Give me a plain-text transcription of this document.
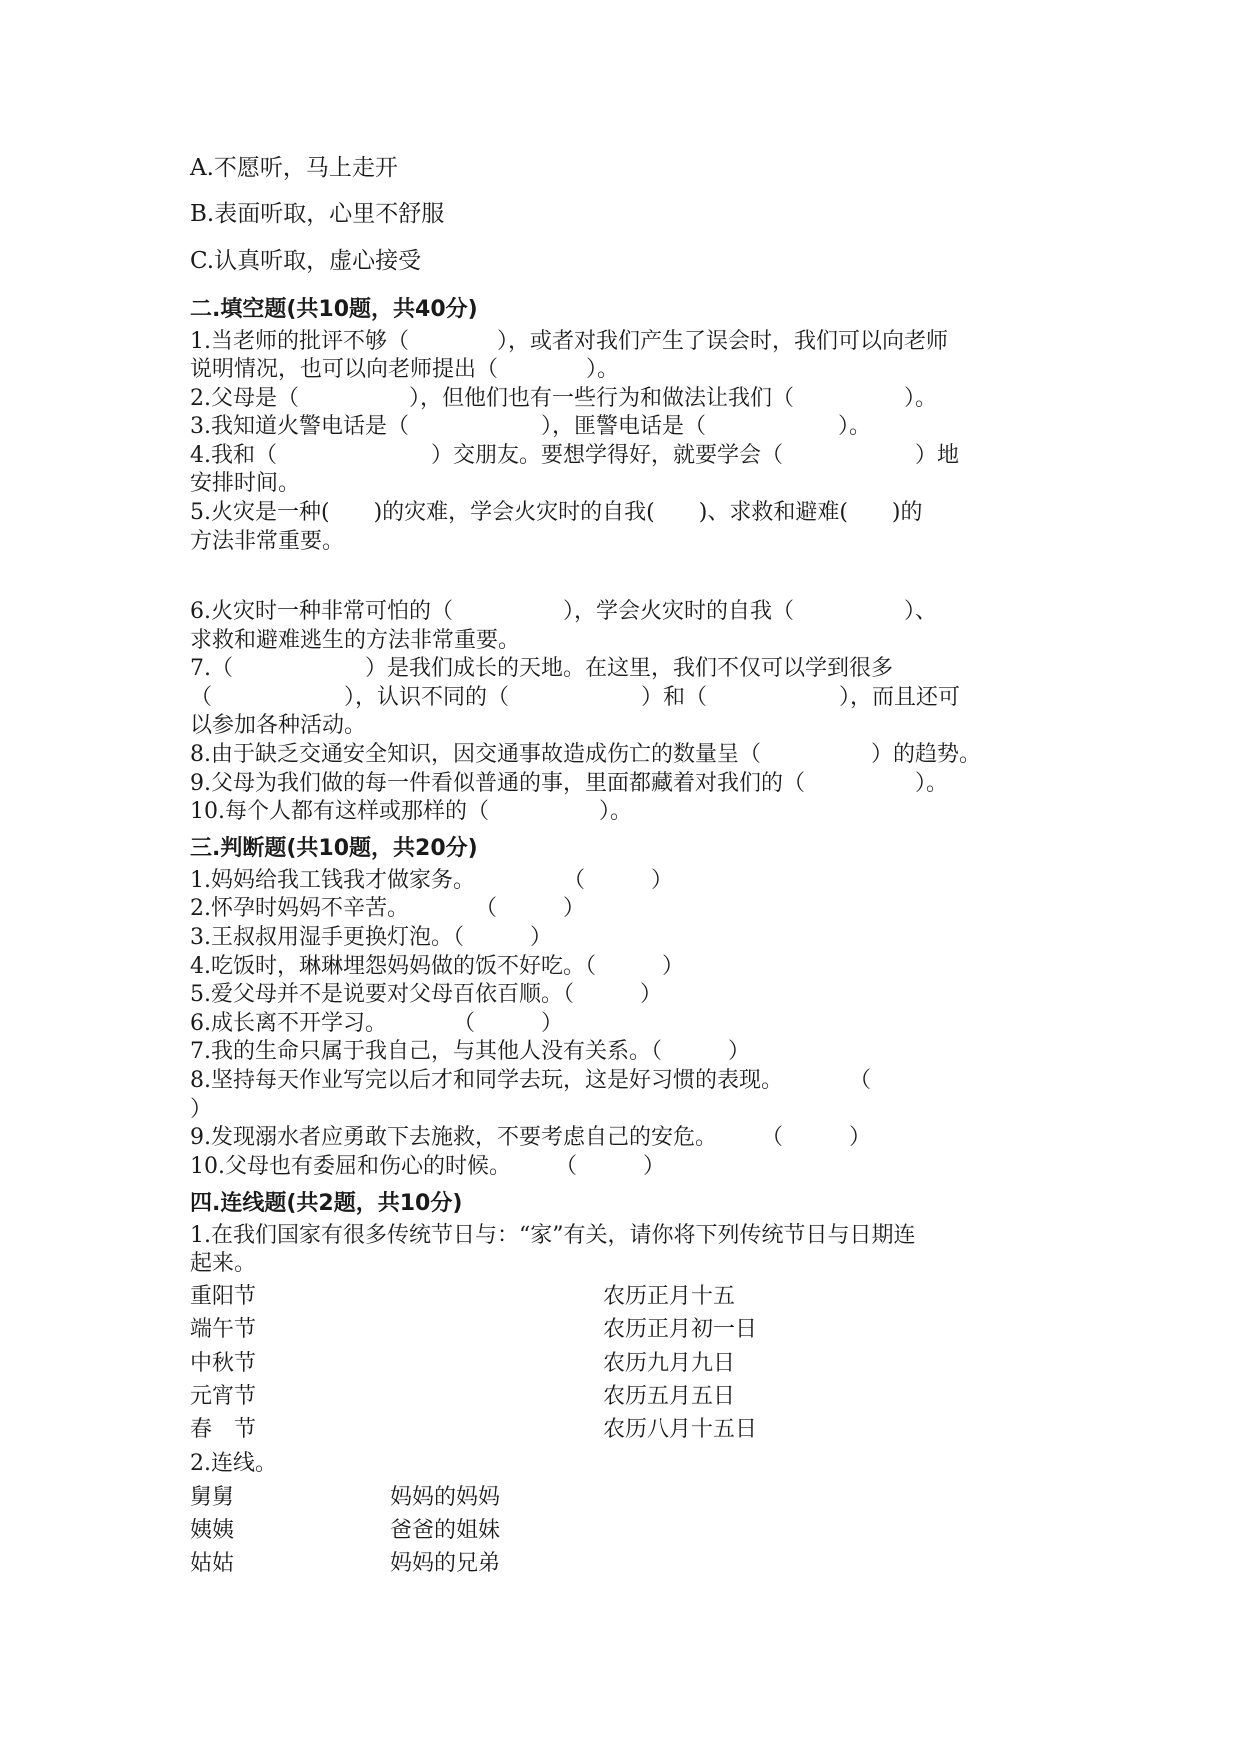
A.不愿听，马上走开
B.表面听取，心里不舒服
C.认真听取，虚心接受
二.填空题(共10题，共40分)
1.当老师的批评不够（　　　　），或者对我们产生了误会时，我们可以向老师
说明情况，也可以向老师提出（　　　　）。
2.父母是（　　　　　），但他们也有一些行为和做法让我们（　　　　　）。
3.我知道火警电话是（　　　　　　），匪警电话是（　　　　　　）。
4.我和（　　　　　　　）交朋友。要想学得好，就要学会（　　　　　　）地
安排时间。
5.火灾是一种(　　)的灾难，学会火灾时的自我(　　)、求救和避难(　　)的
方法非常重要。
6.火灾时一种非常可怕的（　　　　　），学会火灾时的自我（　　　　　）、
求救和避难逃生的方法非常重要。
7.（　　　　　　）是我们成长的天地。在这里，我们不仅可以学到很多
（　　　　　　），认识不同的（　　　　　　）和（　　　　　　），而且还可
以参加各种活动。
8.由于缺乏交通安全知识，因交通事故造成伤亡的数量呈（　　　　　）的趋势。
9.父母为我们做的每一件看似普通的事，里面都藏着对我们的（　　　　　）。
10.每个人都有这样或那样的（　　　　　）。
三.判断题(共10题，共20分)
1.妈妈给我工钱我才做家务。　　　　　（　　　）
2.怀孕时妈妈不辛苦。　　　　（　　　）
3.王叔叔用湿手更换灯泡。（　　　）
4.吃饭时，琳琳埋怨妈妈做的饭不好吃。（　　　）
5.爱父母并不是说要对父母百依百顺。（　　　）
6.成长离不开学习。　　　　（　　　）
7.我的生命只属于我自己，与其他人没有关系。（　　　）
8.坚持每天作业写完以后才和同学去玩，这是好习惯的表现。　　　　（
）
9.发现溺水者应勇敢下去施救，不要考虑自己的安危。　　　（　　　）
10.父母也有委屈和伤心的时候。　　　（　　　）
四.连线题(共2题，共10分)
1.在我们国家有很多传统节日与：“家”有关，请你将下列传统节日与日期连
起来。
重阳节
端午节
中秋节
元宵节
春　节
农历正月十五
农历正月初一日
农历九月九日
农历五月五日
农历八月十五日
2.连线。
舅舅
姨姨
姑姑
妈妈的妈妈
爸爸的姐妹
妈妈的兄弟
